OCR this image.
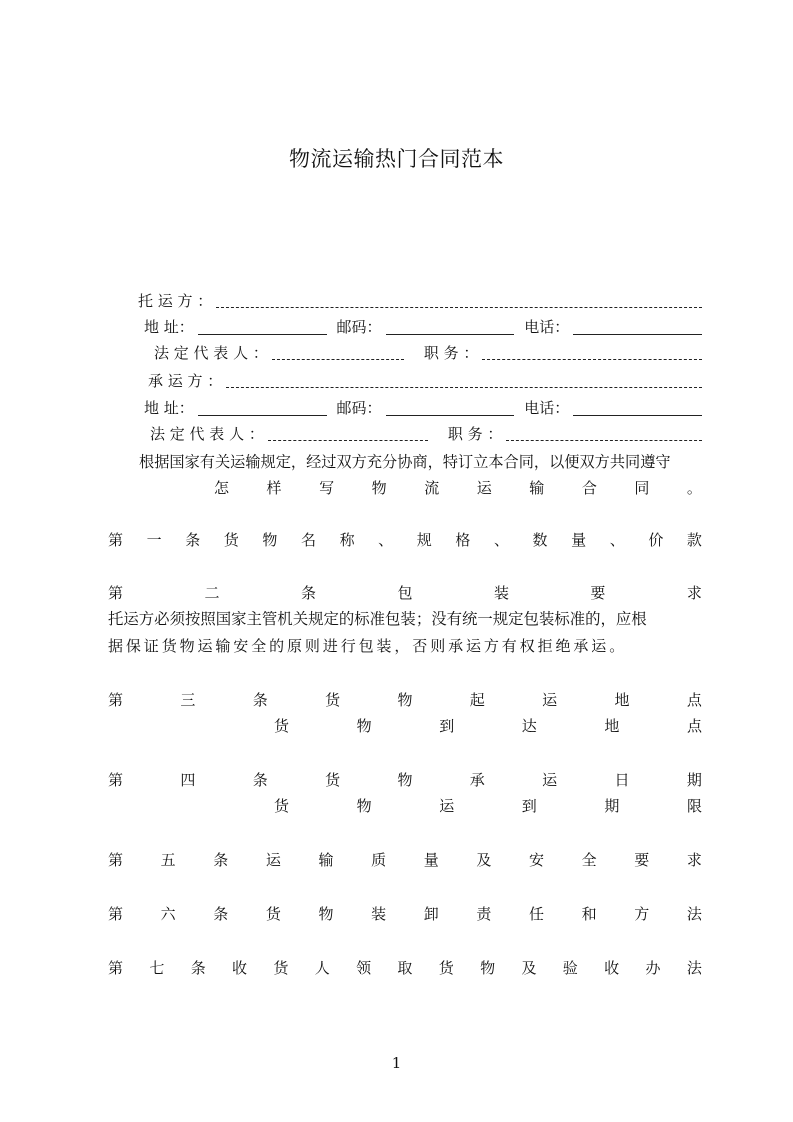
物流运输热门合同范本
托 运 方 ：
地 址：	邮码：	电话：
法 定 代 表 人 ：	职 务 ：
承 运 方 ：
地 址：	邮码：	电话：
法 定 代 表 人 ：	职 务 ：
根据国家有关运输规定，经过双方充分协商，特订立本合同，以便双方共同遵守
怎	样	写	物	流	运	输	合	同	。
第 一 条 货 物 名 称 、 规 格 、 数 量 、 价 款
第	二	条	包	装	要	求
托运方必须按照国家主管机关规定的标准包装；没有统一规定包装标准的，应根
据保证货物运输安全的原则进行包装，否则承运方有权拒绝承运。
第	三	条	货	物	起	运	地	点
货	物	到	达	地	点
第	四	条	货	物	承	运	日	期
货	物	运	到	期	限
第	五	条	运	输	质	量	及	安	全	要	求
第	六	条	货	物	装	卸	责	任	和	方	法
第 七 条 收 货 人 领 取 货 物 及 验 收 办 法
1
